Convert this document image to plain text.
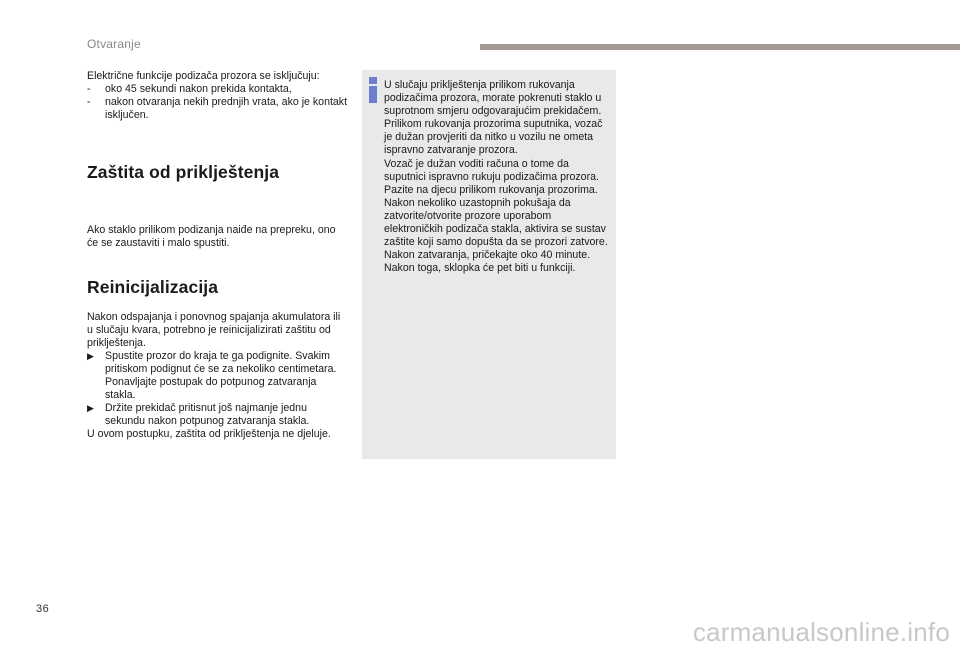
Otvaranje

Električne funkcije podizača prozora se isključuju:

- oko 45 sekundi nakon prekida kontakta,

- nakon otvaranja nekih prednjih vrata, ako je kontakt isključen.

Zaštita od priklještenja

Ako staklo prilikom podizanja naiđe na prepreku, ono će se zaustaviti i malo spustiti.

Reinicijalizacija

Nakon odspajanja i ponovnog spajanja akumulatora ili u slučaju kvara, potrebno je reinicijalizirati zaštitu od priklještenja.

▶ Spustite prozor do kraja te ga podignite. Svakim pritiskom podignut će se za nekoliko centimetara. Ponavljajte postupak do potpunog zatvaranja stakla.

▶ Držite prekidač pritisnut još najmanje jednu sekundu nakon potpunog zatvaranja stakla.

U ovom postupku, zaštita od priklještenja ne djeluje.

U slučaju priklještenja prilikom rukovanja podizačima prozora, morate pokrenuti staklo u suprotnom smjeru odgovarajućim prekidačem.

Prilikom rukovanja prozorima suputnika, vozač je dužan provjeriti da nitko u vozilu ne ometa ispravno zatvaranje prozora.

Vozač je dužan voditi računa o tome da suputnici ispravno rukuju podizačima prozora.

Pazite na djecu prilikom rukovanja prozorima.

Nakon nekoliko uzastopnih pokušaja da zatvorite/otvorite prozore uporabom elektroničkih podizača stakla, aktivira se sustav zaštite koji samo dopušta da se prozori zatvore. Nakon zatvaranja, pričekajte oko 40 minute. Nakon toga, sklopka će pet biti u funkciji.

36
carmanualsonline.info
